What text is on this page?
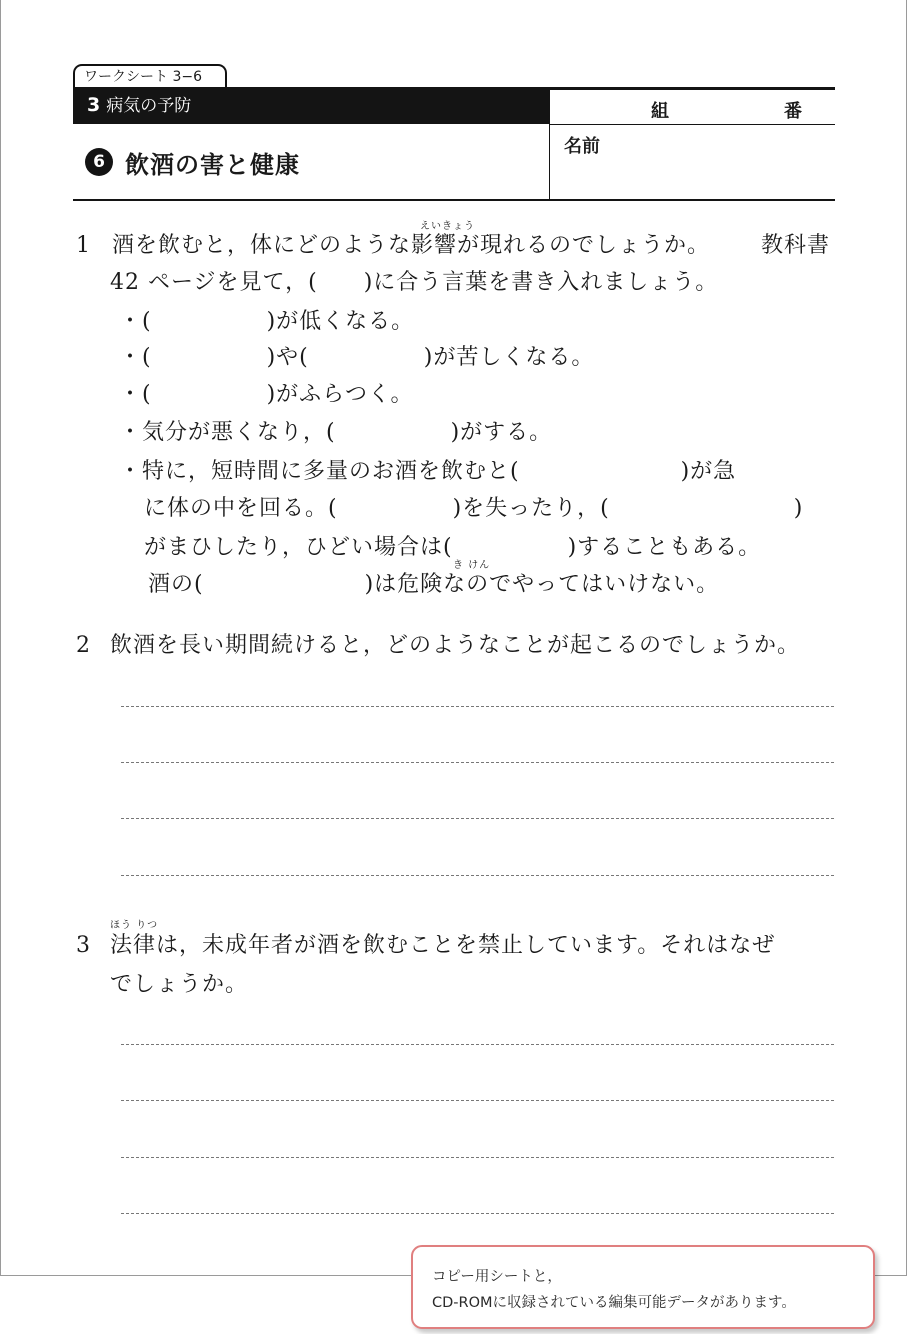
ワークシート 3−6
3 病気の予防	組	番
名前
6 飲酒の害と健康
1
えいきょう
酒を飲むと，体にどのような影響が現れるのでしょうか。 教科書
42 ページを見て，(　　)に合う言葉を書き入れましょう。
・(　　　　　)が低くなる。
・(　　　　　)や(　　　　　)が苦しくなる。
・(　　　　　)がふらつく。
・気分が悪くなり，(　　　　　)がする。
・特に，短時間に多量のお酒を飲むと(　　　　　　　)が急
に体の中を回る。(　　　　　)を失ったり，(　　　　　　　　)
がまひしたり，ひどい場合は(　　　　　)することもある。
き けん
酒の(　　　　　　　)は危険なのでやってはいけない。
2 飲酒を長い期間続けると，どのようなことが起こるのでしょうか。
3
ほう りつ
法律は，未成年者が酒を飲むことを禁止しています。それはなぜ
でしょうか。
コピー用シートと，
CD-ROMに収録されている編集可能データがあります。
